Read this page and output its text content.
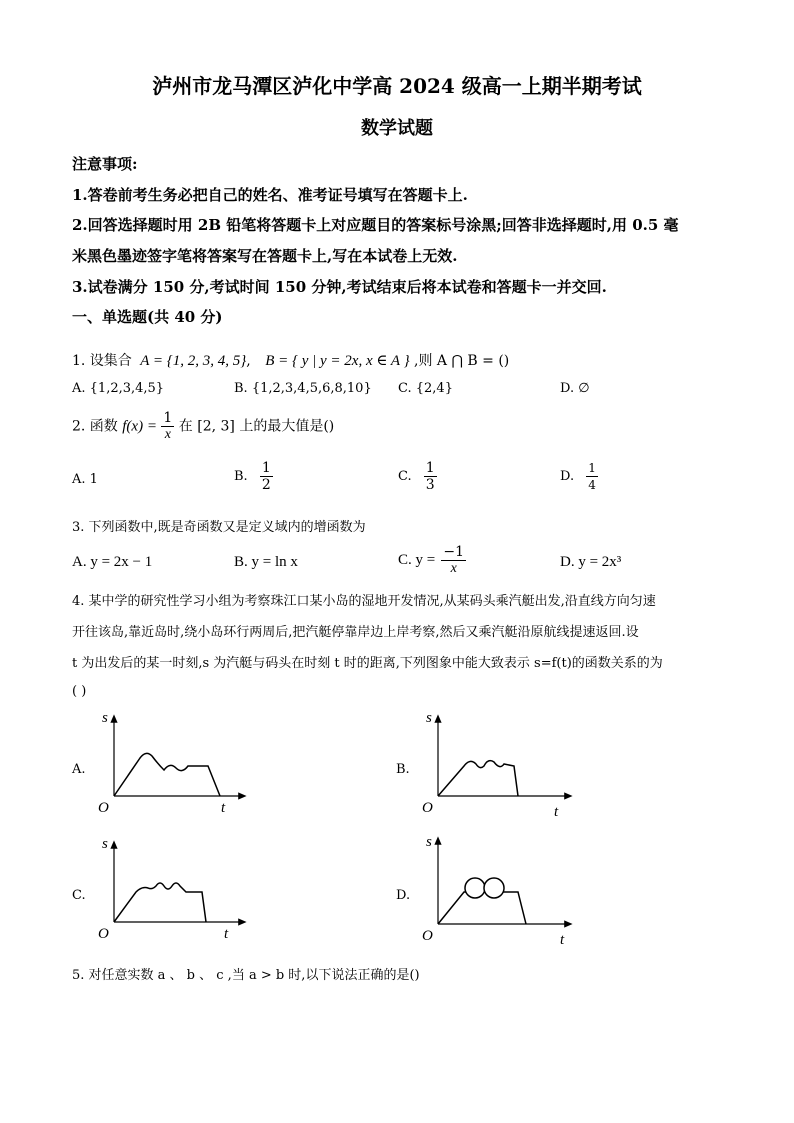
泸州市龙马潭区泸化中学高 2024 级高一上期半期考试
数学试题
注意事项:
1.答卷前考生务必把自己的姓名、准考证号填写在答题卡上.
2.回答选择题时用 2B 铅笔将答题卡上对应题目的答案标号涂黑;回答非选择题时,用 0.5 毫
米黑色墨迹签字笔将答案写在答题卡上,写在本试卷上无效.
3.试卷满分 150 分,考试时间 150 分钟,考试结束后将本试卷和答题卡一并交回.
一、单选题(共 40 分)
1. 设集合 A = {1, 2, 3, 4, 5}, B = { y | y = 2x, x ∈ A } ,则 A ⋂ B = ()
A. {1,2,3,4,5}	B. {1,2,3,4,5,6,8,10} C. {2,4}	D. ∅
2. 函数 $f(x) = \frac{1}{x}$ 在 [2, 3] 上的最大值是()
A. 1	B. $\frac{1}{2}$	C. $\frac{1}{3}$	D. $\frac{1}{4}$
3. 下列函数中,既是奇函数又是定义域内的增函数为
A. y = 2x − 1	B. y = ln x	C. $y = \frac{-1}{x}$	D. y = 2x³
4. 某中学的研究性学习小组为考察珠江口某小岛的湿地开发情况,从某码头乘汽艇出发,沿直线方向匀速
开往该岛,靠近岛时,绕小岛环行两周后,把汽艇停靠岸边上岸考察,然后又乘汽艇沿原航线提速返回.设
t 为出发后的某一时刻,s 为汽艇与码头在时刻 t 时的距离,下列图象中能大致表示 s=f(t)的函数关系的为
( )
A.
s
O	t
B.
s
O	t
C.
s
O	t
D.
s
O	t
5. 对任意实数 a 、 b 、 c ,当 a > b 时,以下说法正确的是()
